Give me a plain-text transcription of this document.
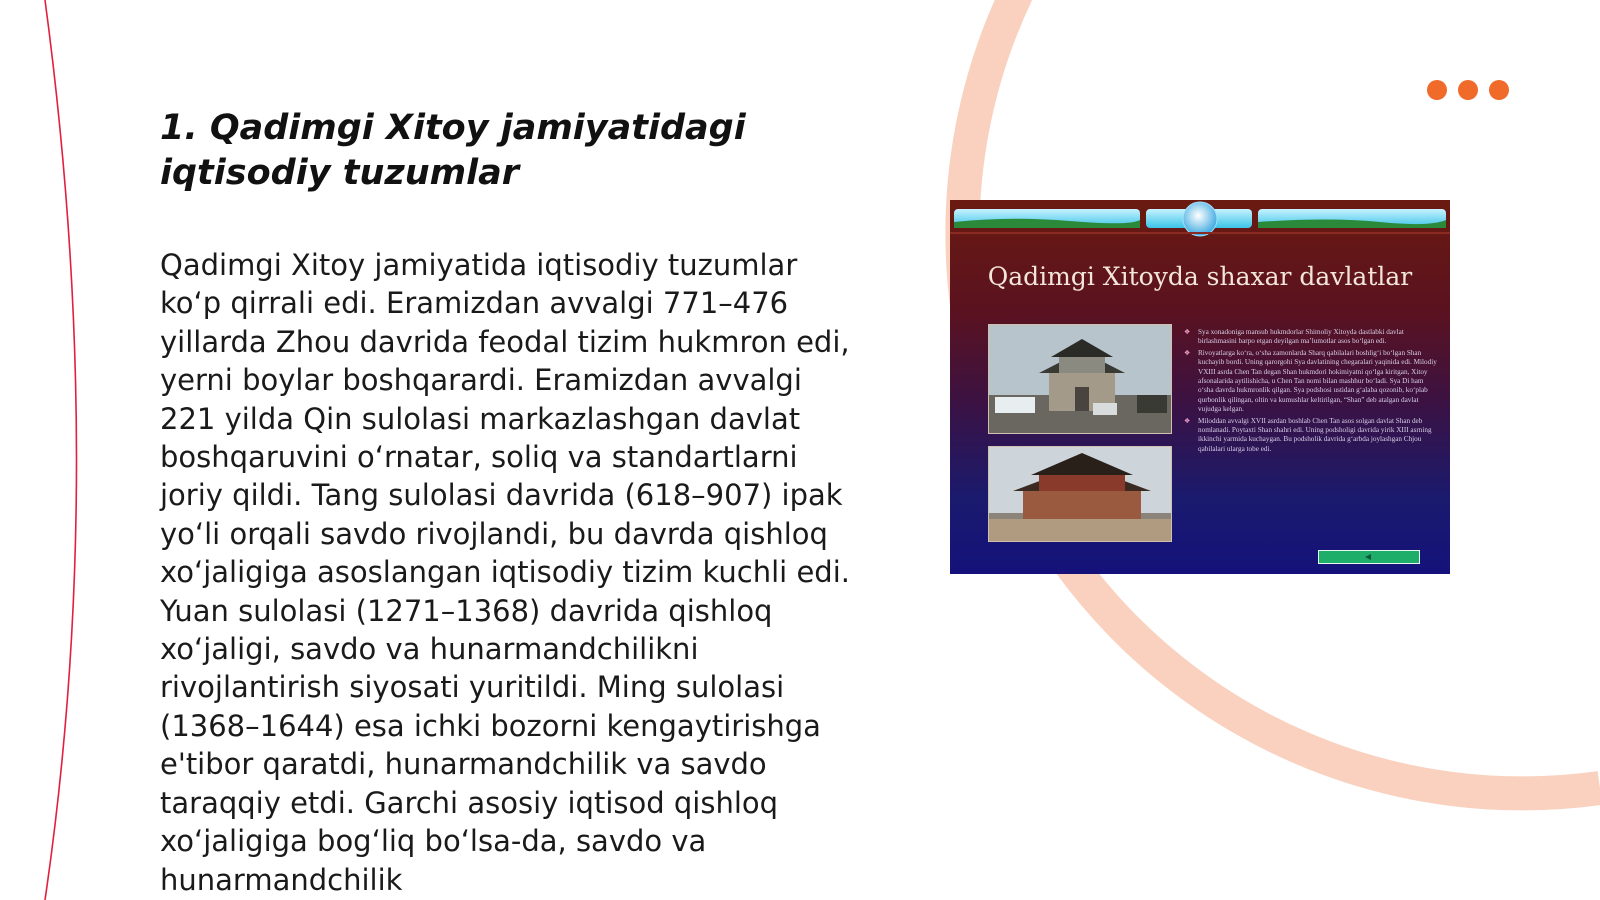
1. Qadimgi Xitoy jamiyatidagi iqtisodiy tuzumlar

Qadimgi Xitoy jamiyatida iqtisodiy tuzumlar ko‘p qirrali edi. Eramizdan avvalgi 771–476 yillarda Zhou davrida feodal tizim hukmron edi, yerni boylar boshqarardi. Eramizdan avvalgi 221 yilda Qin sulolasi markazlashgan davlat boshqaruvini o‘rnatar, soliq va standartlarni joriy qildi. Tang sulolasi davrida (618–907) ipak yo‘li orqali savdo rivojlandi, bu davrda qishloq xo‘jaligiga asoslangan iqtisodiy tizim kuchli edi. Yuan sulolasi (1271–1368) davrida qishloq xo‘jaligi, savdo va hunarmandchilikni rivojlantirish siyosati yuritildi. Ming sulolasi (1368–1644) esa ichki bozorni kengaytirishga e'tibor qaratdi, hunarmandchilik va savdo taraqqiy etdi. Garchi asosiy iqtisod qishloq xo‘jaligiga bog‘liq bo‘lsa-da, savdo va hunarmandchilik

Qadimgi Xitoyda shaxar davlatlar
❖ Sya xonadoniga mansub hukmdorlar Shimoliy Xitoyda dastlabki davlat birlashmasini barpo etgan deyilgan ma’lumotlar asos bo‘lgan edi.
❖ Rivoyatlarga ko‘ra, o‘sha zamonlarda Sharq qabilalari boshlig‘i bo‘lgan Shan kuchayib bordi. Uning qarorgohi Sya davlatining chegaralari yaqinida edi. Milodiy VXIII asrda Chen Tan degan Shan hukmdori hokimiyatni qo‘lga kiritgan, Xitoy afsonalarida aytilishicha, u Chen Tan nomi bilan mashhur bo‘ladi. Sya Di ham o‘sha davrda hukmronlik qilgan. Sya podshosi ustidan g‘alaba qozonib, ko‘plab qurbonlik qilingan, oltin va kumushlar keltirilgan, “Shan” deb atalgan davlat vujudga kelgan.
❖ Miloddan avvalgi XVII asrdan boshlab Chen Tan asos solgan davlat Shan deb nomlanadi. Poytaxti Shan shahri edi. Uning podsholigi davrida yirik XIII asrning ikkinchi yarmida kuchaygan. Bu podsholik davrida g‘arbda joylashgan Chjou qabilalari ularga tobe edi.
